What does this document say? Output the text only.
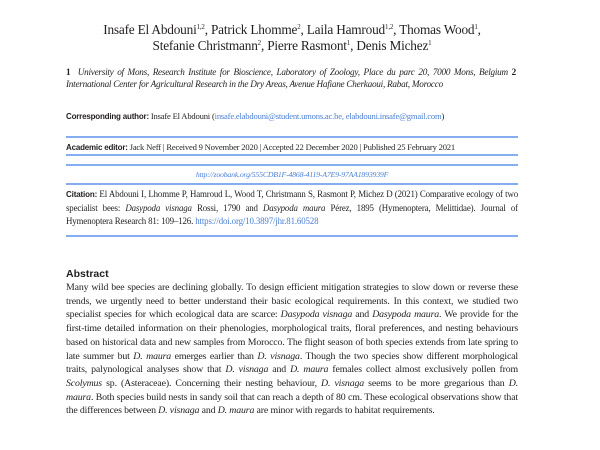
Insafe El Abdouni$^{1,2}$, Patrick Lhomme$^2$, Laila Hamroud$^{1,2}$, Thomas Wood$^1$,
Stefanie Christmann$^2$, Pierre Rasmont$^1$, Denis Michez$^1$
1 University of Mons, Research Institute for Bioscience, Laboratory of Zoology, Place du parc 20, 7000 Mons, Belgium 2  International Center for Agricultural Research in the Dry Areas, Avenue Hafiane Cherkaoui, Rabat, Morocco
Corresponding author: Insafe El Abdouni (insafe.elabdouni@student.umons.ac.be, elabdouni.insafe@gmail.com)
Academic editor: Jack Neff | Received 9 November 2020 | Accepted 22 December 2020 | Published 25 February 2021
http://zoobank.org/555CDB1F-4868-4119-A7E9-97AA1893939F
Citation: El Abdouni I, Lhomme P, Hamroud L, Wood T, Christmann S, Rasmont P, Michez D (2021) Comparative ecology of two specialist bees: Dasypoda visnaga Rossi, 1790 and Dasypoda maura Pérez, 1895 (Hymenoptera, Melittidae). Journal of Hymenoptera Research 81: 109–126. https://doi.org/10.3897/jhr.81.60528
Abstract
Many wild bee species are declining globally. To design efficient mitigation strategies to slow down or reverse these trends, we urgently need to better understand their basic ecological requirements. In this context, we studied two specialist species for which ecological data are scarce: Dasypoda visnaga and Dasypoda maura. We provide for the first-time detailed information on their phenologies, morphological traits, floral preferences, and nesting behaviours based on historical data and new samples from Morocco. The flight season of both species extends from late spring to late summer but D. maura emerges earlier than D. visnaga. Though the two species show different morphological traits, palynological analyses show that D. visnaga and D. maura females collect almost exclusively pollen from Scolymus sp. (Asteraceae). Concerning their nesting behaviour, D. visnaga seems to be more gregarious than D. maura. Both species build nests in sandy soil that can reach a depth of 80 cm. These ecological observations show that the differences between D. visnaga and D. maura are minor with regards to habitat requirements.
